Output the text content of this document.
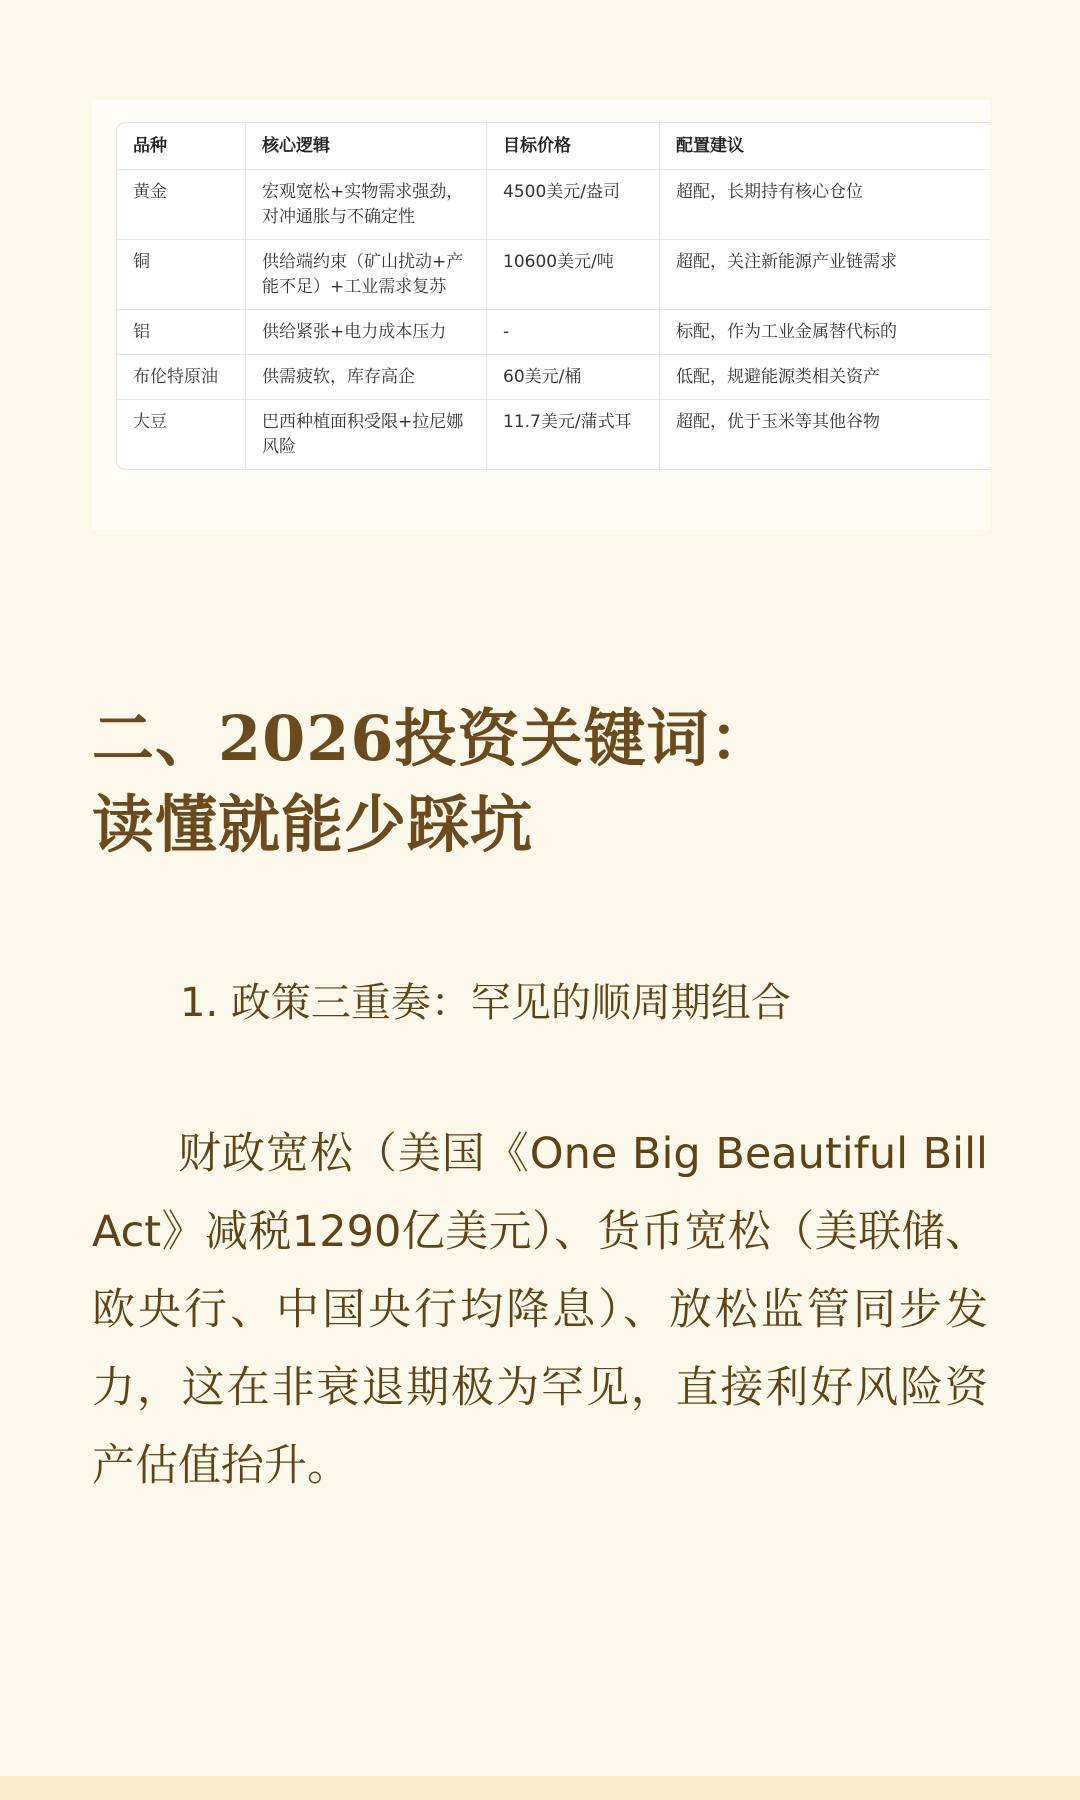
品种	核心逻辑	目标价格	配置建议
黄金	宏观宽松+实物需求强劲，对冲通胀与不确定性	4500美元/盎司	超配，长期持有核心仓位
铜	供给端约束（矿山扰动+产能不足）+工业需求复苏	10600美元/吨	超配，关注新能源产业链需求
铝	供给紧张+电力成本压力	-	标配，作为工业金属替代标的
布伦特原油	供需疲软，库存高企	60美元/桶	低配，规避能源类相关资产
大豆	巴西种植面积受限+拉尼娜风险	11.7美元/蒲式耳	超配，优于玉米等其他谷物
二、2026投资关键词：
读懂就能少踩坑
1. 政策三重奏：罕见的顺周期组合

财政宽松（美国《One Big Beautiful Bill Act》减税1290亿美元）、货币宽松（美联储、欧央行、中国央行均降息）、放松监管同步发力，这在非衰退期极为罕见，直接利好风险资产估值抬升。
